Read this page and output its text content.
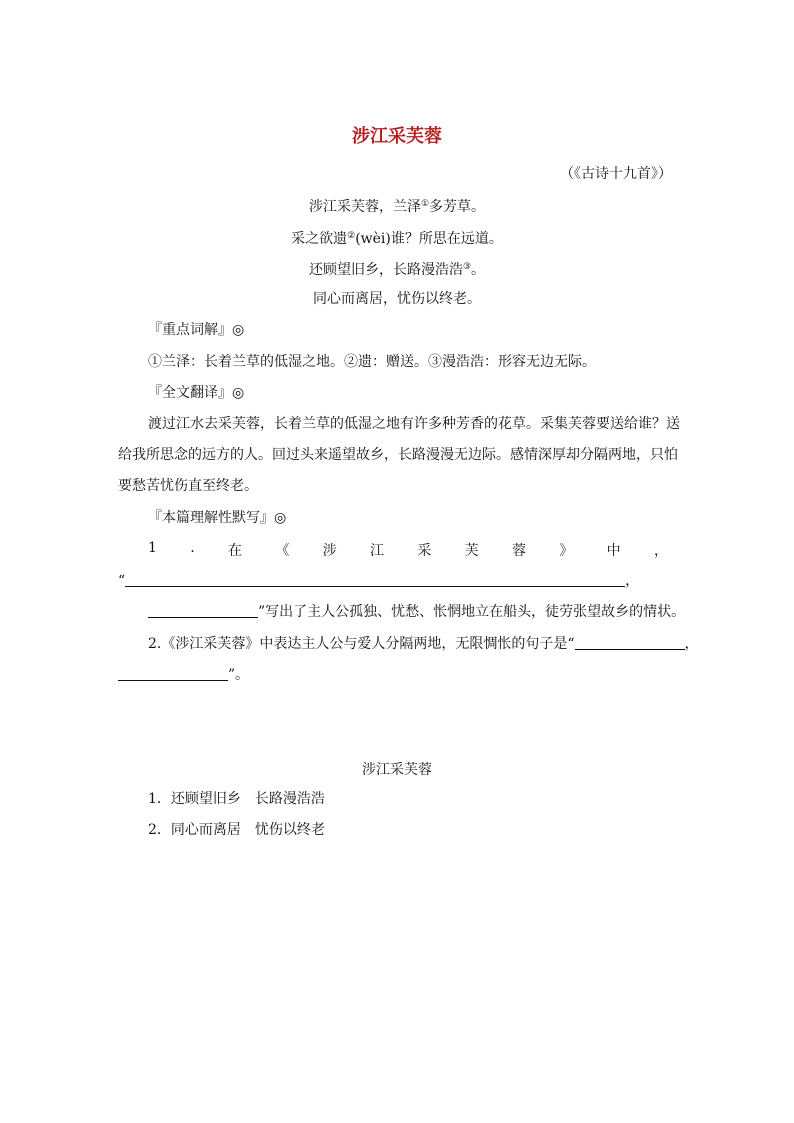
涉江采芙蓉
（《古诗十九首》）
涉江采芙蓉，兰泽①多芳草。
采之欲遗②(wèi)谁？所思在远道。
还顾望旧乡，长路漫浩浩③。
同心而离居，忧伤以终老。
『重点词解』◎
①兰泽：长着兰草的低湿之地。②遗：赠送。③漫浩浩：形容无边无际。
『全文翻译』◎
渡过江水去采芙蓉，长着兰草的低湿之地有许多种芳香的花草。采集芙蓉要送给谁？送
给我所思念的远方的人。回过头来遥望故乡，长路漫漫无边际。感情深厚却分隔两地，只怕
要愁苦忧伤直至终老。
『本篇理解性默写』◎
1 . 在 《 涉 江 采 芙 蓉 》 中 ，
“	，
”写出了主人公孤独、忧愁、怅惘地立在船头，徒劳张望故乡的情状。
2.《涉江采芙蓉》中表达主人公与爱人分隔两地，无限惆怅的句子是“	，
”。
涉江采芙蓉
1．还顾望旧乡　长路漫浩浩
2．同心而离居　忧伤以终老
